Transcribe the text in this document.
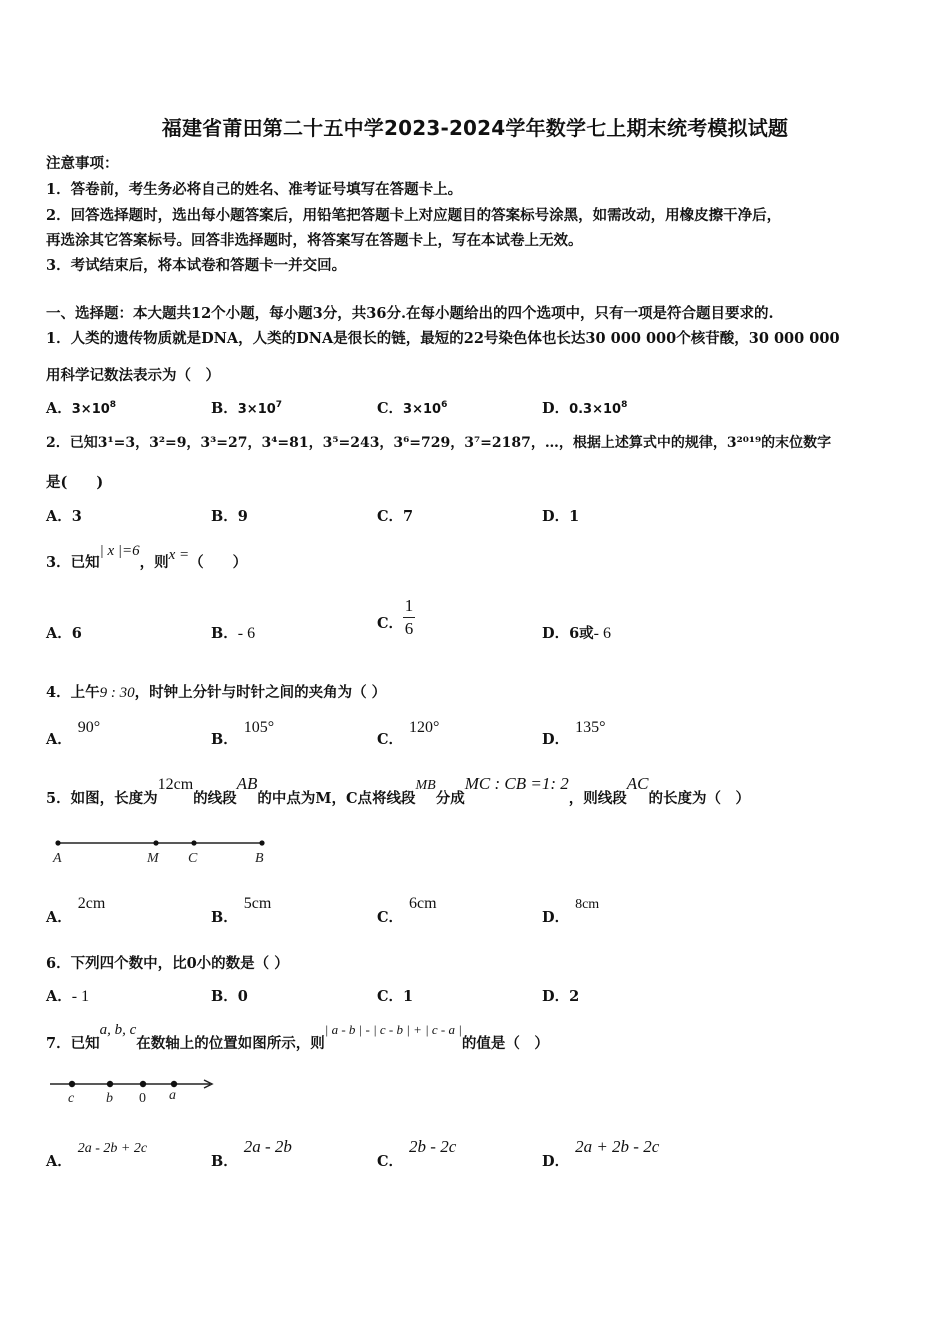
福建省莆田第二十五中学2023-2024学年数学七上期末统考模拟试题
注意事项：
1．答卷前，考生务必将自己的姓名、准考证号填写在答题卡上。
2．回答选择题时，选出每小题答案后，用铅笔把答题卡上对应题目的答案标号涂黑，如需改动，用橡皮擦干净后，
再选涂其它答案标号。回答非选择题时，将答案写在答题卡上，写在本试卷上无效。
3．考试结束后，将本试卷和答题卡一并交回。
一、选择题：本大题共12个小题，每小题3分，共36分.在每小题给出的四个选项中，只有一项是符合题目要求的.
1．人类的遗传物质就是DNA，人类的DNA是很长的链，最短的22号染色体也长达30 000 000个核苷酸，30 000 000
用科学记数法表示为（　）
A．$3\times 10^8$	B．$3\times 10^7$	C．$3\times 10^6$	D．$0.3\times 10^8$
2．已知3¹=3，3²=9，3³=27，3⁴=81，3⁵=243，3⁶=729，3⁷=2187，…，根据上述算式中的规律，3²⁰¹⁹的末位数字
是(　　)
A．3	B．9	C．7	D．1
3．已知| x |=6，则x =（　　）
A．6	B．- 6
C． $\frac{1}{6}$	D．6或- 6
4．上午9 : 30，时钟上分针与时针之间的夹角为（ ）
A．90°
B．105°
C．120°
D．135°
5．如图，长度为12cm的线段AB的中点为M，C点将线段MB分成MC : CB =1: 2，则线段AC的长度为（　）
A	M C	B
A．2cm
B．5cm
C．6cm
D．8cm
6．下列四个数中，比0小的数是（ ）
A．- 1	B．0	C．1	D．2
7．已知a, b, c在数轴上的位置如图所示，则| a - b | - | c - b | + | c - a |的值是（　）
c b 0 a
A．2a - 2b + 2c
B．2a - 2b
C．2b - 2c
D．2a + 2b - 2c
